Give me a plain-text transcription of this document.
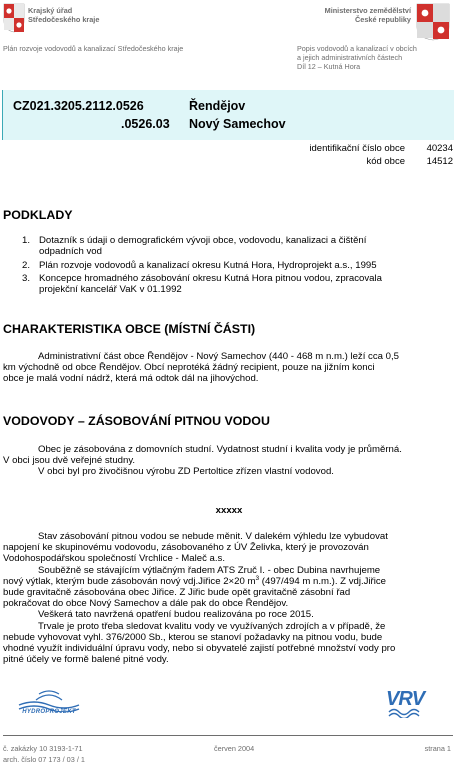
Krajský úřad
Středočeského kraje
Ministerstvo zemědělství
České republiky
Plán rozvoje vodovodů a kanalizací Středočeského kraje	Popis vodovodů a kanalizací v obcích
a jejich administrativních částech
Díl 12 – Kutná Hora
CZ021.3205.2112.0526	Řendějov
.0526.03 Nový Samechov
identifikační číslo obce 40234
kód obce 14512
PODKLADY
1. Dotazník s údaji o demografickém vývoji obce, vodovodu, kanalizaci a čištění
odpadních vod
2. Plán rozvoje vodovodů a kanalizací okresu Kutná Hora, Hydroprojekt a.s., 1995
3. Koncepce hromadného zásobování okresu Kutná Hora pitnou vodou, zpracovala
projekční kancelář VaK v 01.1992
CHARAKTERISTIKA OBCE (MÍSTNÍ ČÁSTI)
Administrativní část obce Řendějov - Nový Samechov (440 - 468 m n.m.) leží cca 0,5
km východně od obce Řendějov. Obcí neprotéká žádný recipient, pouze na jižním konci
obce je malá vodní nádrž, která má odtok dál na jihovýchod.
VODOVODY – ZÁSOBOVÁNÍ PITNOU VODOU
Obec je zásobována z domovních studní. Vydatnost studní i kvalita vody je průměrná.
V obci jsou dvě veřejné studny.
V obci byl pro živočišnou výrobu ZD Pertoltice zřízen vlastní vodovod.
xxxxx
Stav zásobování pitnou vodou se nebude měnit. V dalekém výhledu lze vybudovat
napojení ke skupinovému vodovodu, zásobovaného z ÚV Želivka, který je provozován
Vodohospodářskou společností Vrchlice - Maleč a.s.
Souběžně se stávajícím výtlačným řadem ATS Zruč I. - obec Dubina navrhujeme
nový výtlak, kterým bude zásobován nový vdj.Jiřice 2×20 $m^3$ (497/494 m n.m.). Z vdj.Jiřice
bude gravitačně zásobována obec Jiřice. Z Jiřic bude opět gravitačně zásobní řad
pokračovat do obce Nový Samechov a dále pak do obce Řendějov.
Veškerá tato navržená opatření budou realizována po roce 2015.
Trvale je proto třeba sledovat kvalitu vody ve využívaných zdrojích a v případě, že
nebude vyhovovat vyhl. 376/2000 Sb., kterou se stanoví požadavky na pitnou vodu, bude
vhodné využít individuální úpravu vody, nebo si obyvatelé zajistí potřebné množství vody pro
pitné účely ve formě balené pitné vody.
HYDROPROJEKT
VRV
č. zakázky 10 3193-1-71
arch. číslo 07 173 / 03 / 1
červen 2004	strana 1
